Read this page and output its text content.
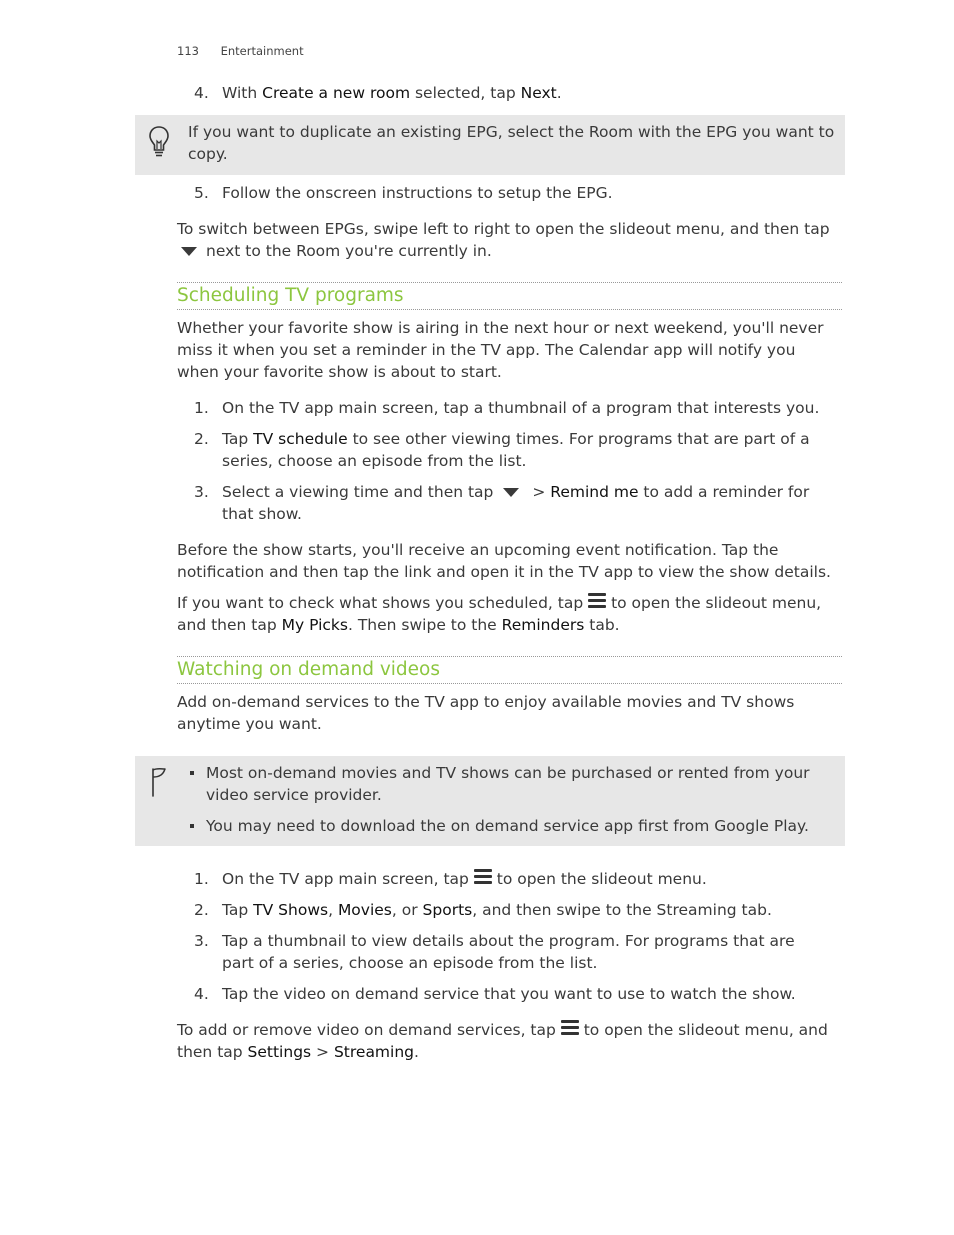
113 Entertainment
4. With Create a new room selected, tap Next.
If you want to duplicate an existing EPG, select the Room with the EPG you want to copy.
5. Follow the onscreen instructions to setup the EPG.
To switch between EPGs, swipe left to right to open the slideout menu, and then tap
next to the Room you're currently in.
Scheduling TV programs
Whether your favorite show is airing in the next hour or next weekend, you'll never miss it when you set a reminder in the TV app. The Calendar app will notify you when your favorite show is about to start.
1. On the TV app main screen, tap a thumbnail of a program that interests you.
2. Tap TV schedule to see other viewing times. For programs that are part of a series, choose an episode from the list.
3. Select a viewing time and then tap > Remind me to add a reminder for that show.
Before the show starts, you'll receive an upcoming event notification. Tap the notification and then tap the link and open it in the TV app to view the show details.
If you want to check what shows you scheduled, tap
to open the slideout menu, and then tap My Picks. Then swipe to the Reminders tab.
Watching on demand videos
Add on-demand services to the TV app to enjoy available movies and TV shows anytime you want.
Most on-demand movies and TV shows can be purchased or rented from your video service provider.
You may need to download the on demand service app first from Google Play.
1. On the TV app main screen, tap
to open the slideout menu.
2. Tap TV Shows, Movies, or Sports, and then swipe to the Streaming tab.
3. Tap a thumbnail to view details about the program. For programs that are part of a series, choose an episode from the list.
4. Tap the video on demand service that you want to use to watch the show.
To add or remove video on demand services, tap
to open the slideout menu, and then tap Settings > Streaming.
